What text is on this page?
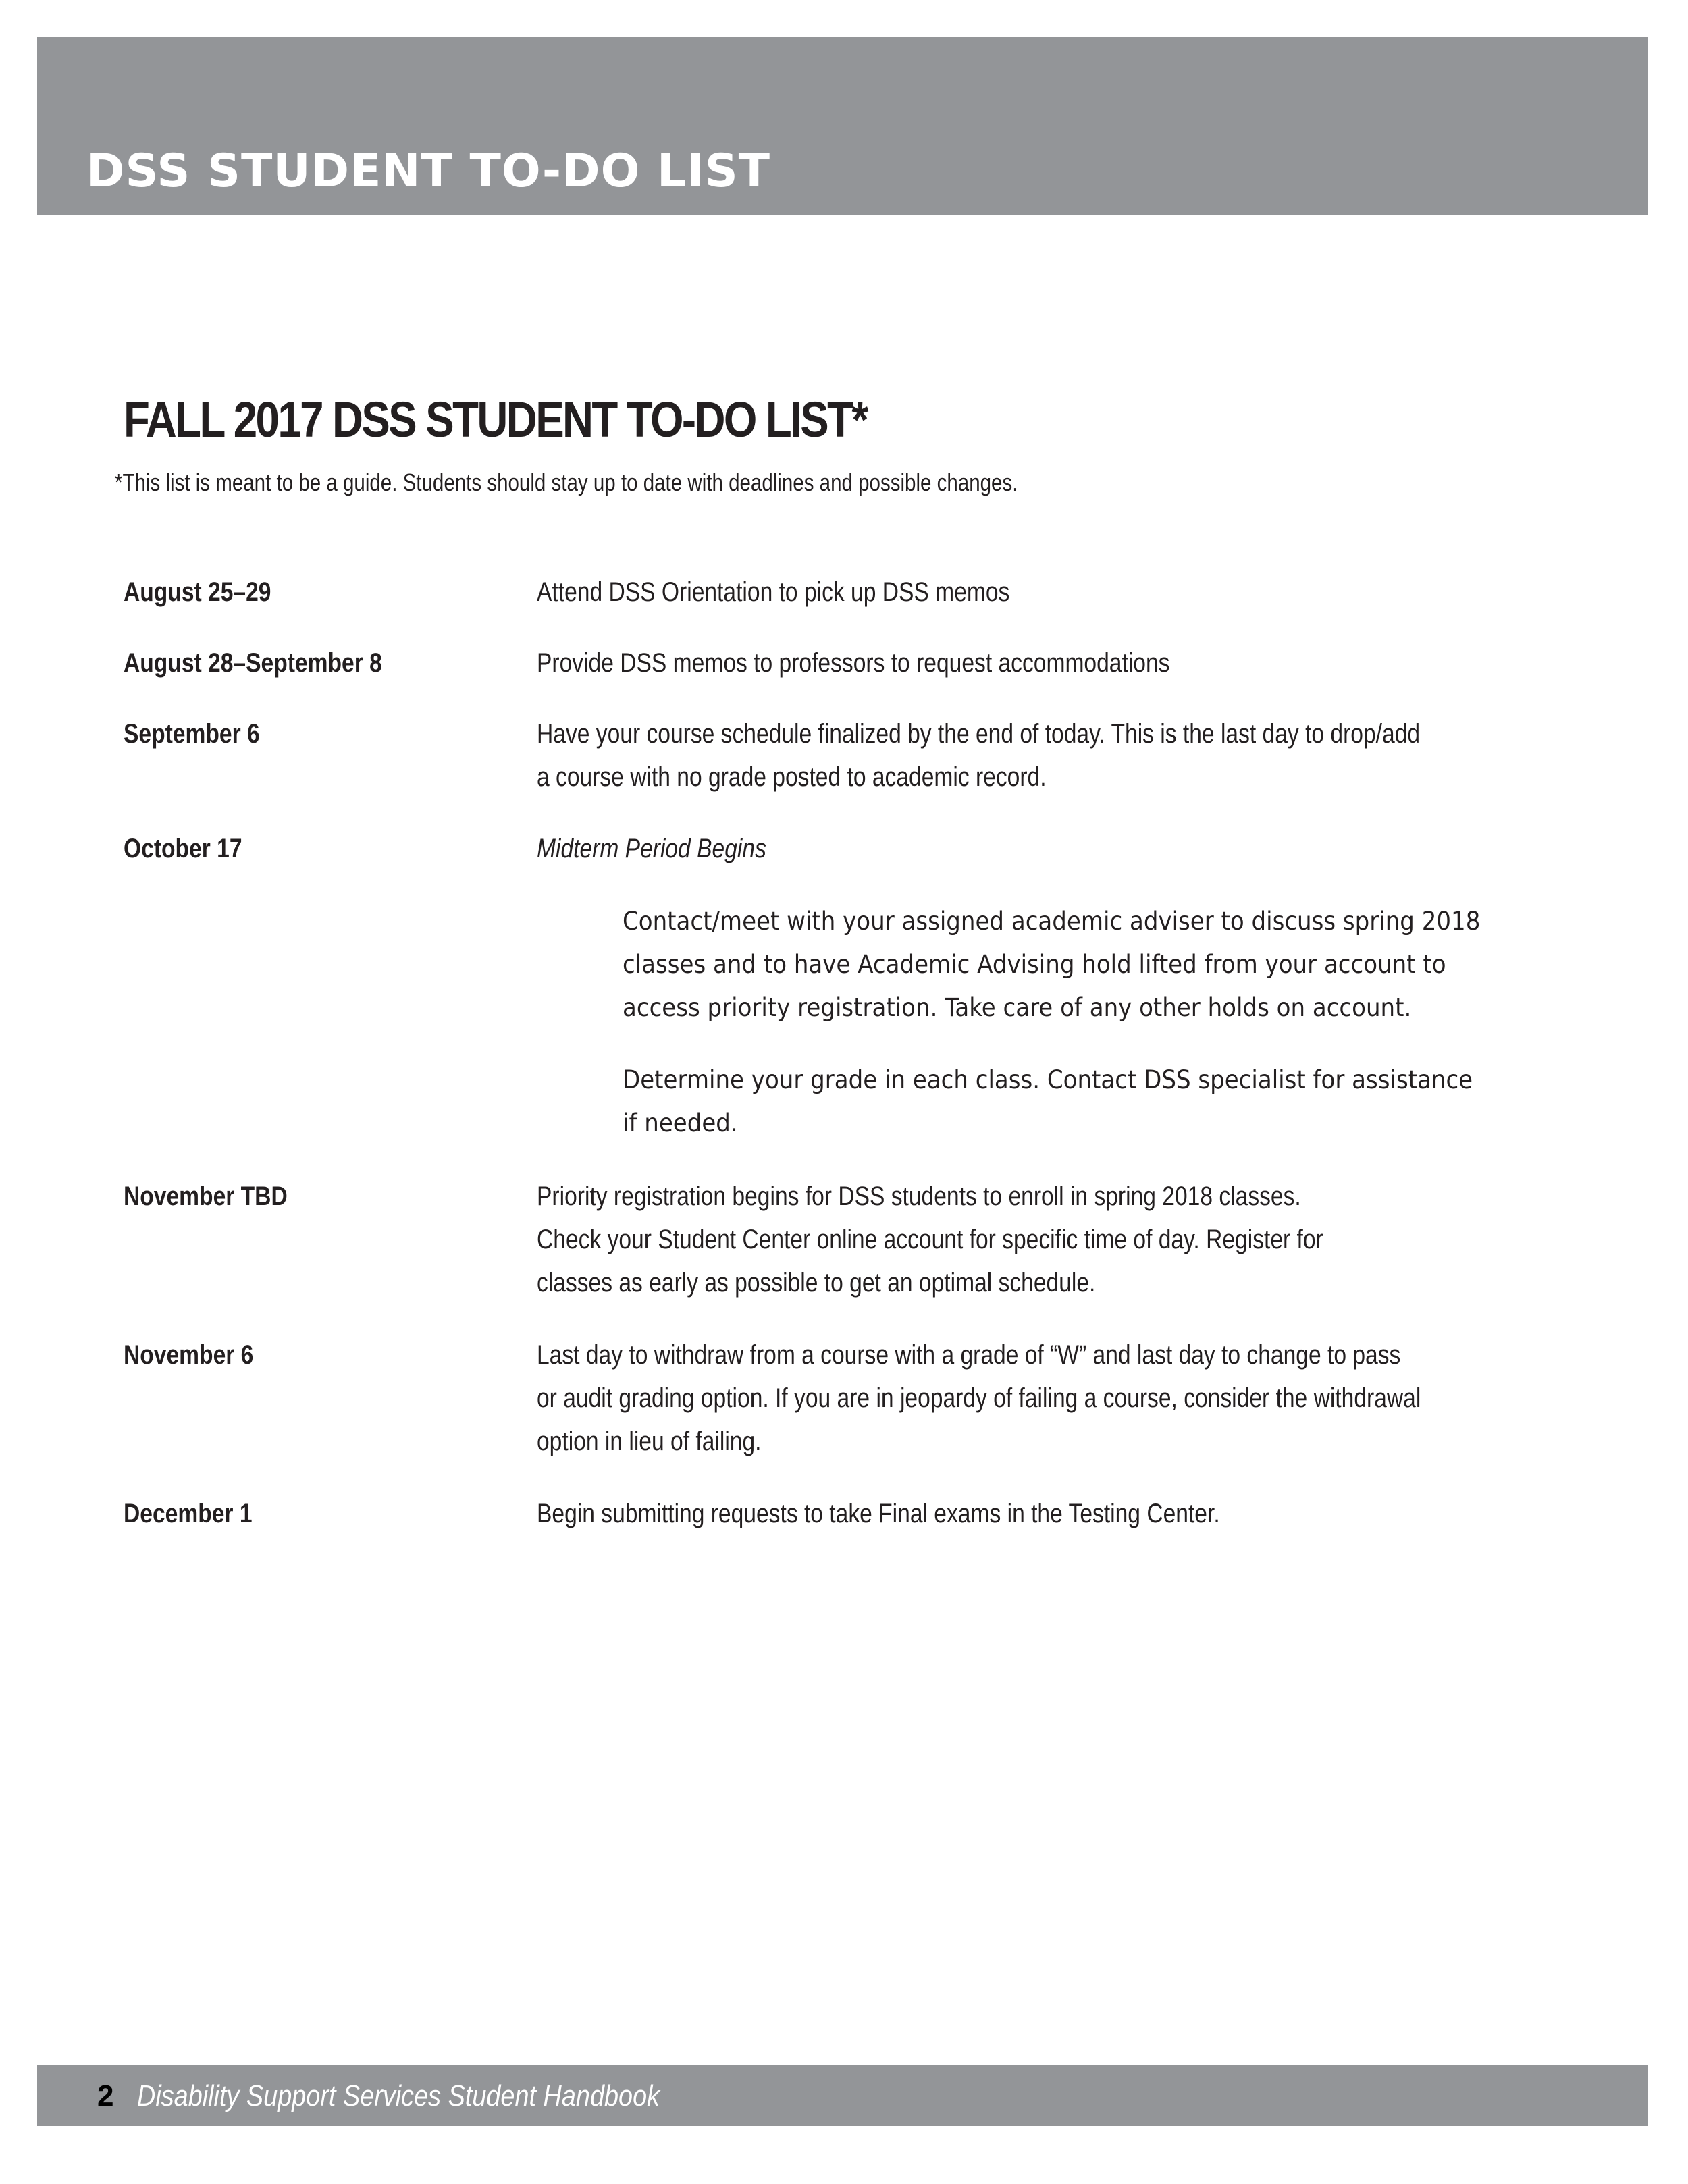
DSS STUDENT TO-DO LIST
FALL 2017 DSS STUDENT TO-DO LIST*

*This list is meant to be a guide. Students should stay up to date with deadlines and possible changes.

August 25–29	Attend DSS Orientation to pick up DSS memos
August 28–September 8	Provide DSS memos to professors to request accommodations
September 6	Have your course schedule finalized by the end of today. This is the last day to drop/add
a course with no grade posted to academic record.
October 17	Midterm Period Begins
Contact/meet with your assigned academic adviser to discuss spring 2018
classes and to have Academic Advising hold lifted from your account to
access priority registration. Take care of any other holds on account.
Determine your grade in each class. Contact DSS specialist for assistance
if needed.
November TBD	Priority registration begins for DSS students to enroll in spring 2018 classes.
Check your Student Center online account for specific time of day. Register for
classes as early as possible to get an optimal schedule.
November 6	Last day to withdraw from a course with a grade of “W” and last day to change to pass
or audit grading option. If you are in jeopardy of failing a course, consider the withdrawal
option in lieu of failing.
December 1	Begin submitting requests to take Final exams in the Testing Center.
2 Disability Support Services Student Handbook
